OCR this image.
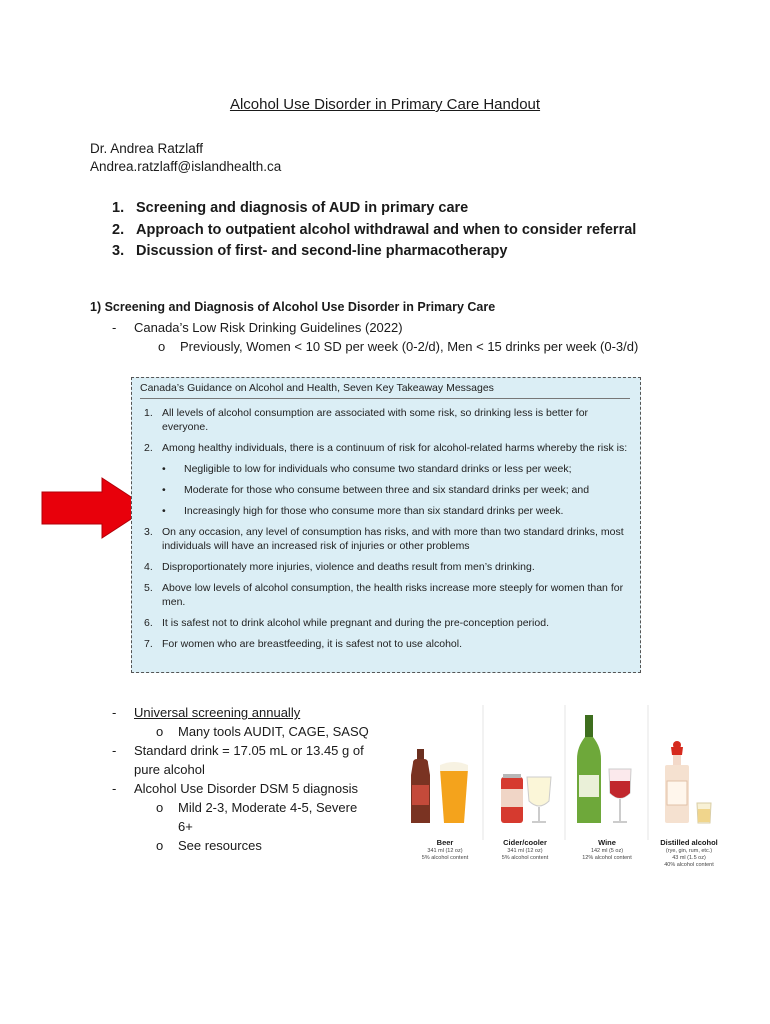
Alcohol Use Disorder in Primary Care Handout
Dr. Andrea Ratzlaff
Andrea.ratzlaff@islandhealth.ca
1. Screening and diagnosis of AUD in primary care
2. Approach to outpatient alcohol withdrawal and when to consider referral
3. Discussion of first- and second-line pharmacotherapy
1) Screening and Diagnosis of Alcohol Use Disorder in Primary Care
- Canada’s Low Risk Drinking Guidelines (2022)
o Previously, Women < 10 SD per week (0-2/d), Men < 15 drinks per week (0-3/d)
Canada’s Guidance on Alcohol and Health, Seven Key Takeaway Messages
1. All levels of alcohol consumption are associated with some risk, so drinking less is better for everyone.
2. Among healthy individuals, there is a continuum of risk for alcohol-related harms whereby the risk is:
•	Negligible to low for individuals who consume two standard drinks or less per week;
•	Moderate for those who consume between three and six standard drinks per week; and
•	Increasingly high for those who consume more than six standard drinks per week.
3. On any occasion, any level of consumption has risks, and with more than two standard drinks, most individuals will have an increased risk of injuries or other problems
4. Disproportionately more injuries, violence and deaths result from men’s drinking.
5. Above low levels of alcohol consumption, the health risks increase more steeply for women than for men.
6. It is safest not to drink alcohol while pregnant and during the pre-conception period.
7. For women who are breastfeeding, it is safest not to use alcohol.
-	Universal screening annually
o	Many tools AUDIT, CAGE, SASQ
-	Standard drink = 17.05 mL or 13.45 g of
pure alcohol
-	Alcohol Use Disorder DSM 5 diagnosis
o	Mild 2-3, Moderate 4-5, Severe
6+
o	See resources	Beer
341 ml (12 oz)
5% alcohol content
Cider/cooler
341 ml (12 oz)
5% alcohol content
Wine
142 ml (5 oz)
12% alcohol content
Distilled alcohol
(rye, gin, rum, etc.)
43 ml (1.5 oz)
40% alcohol content
